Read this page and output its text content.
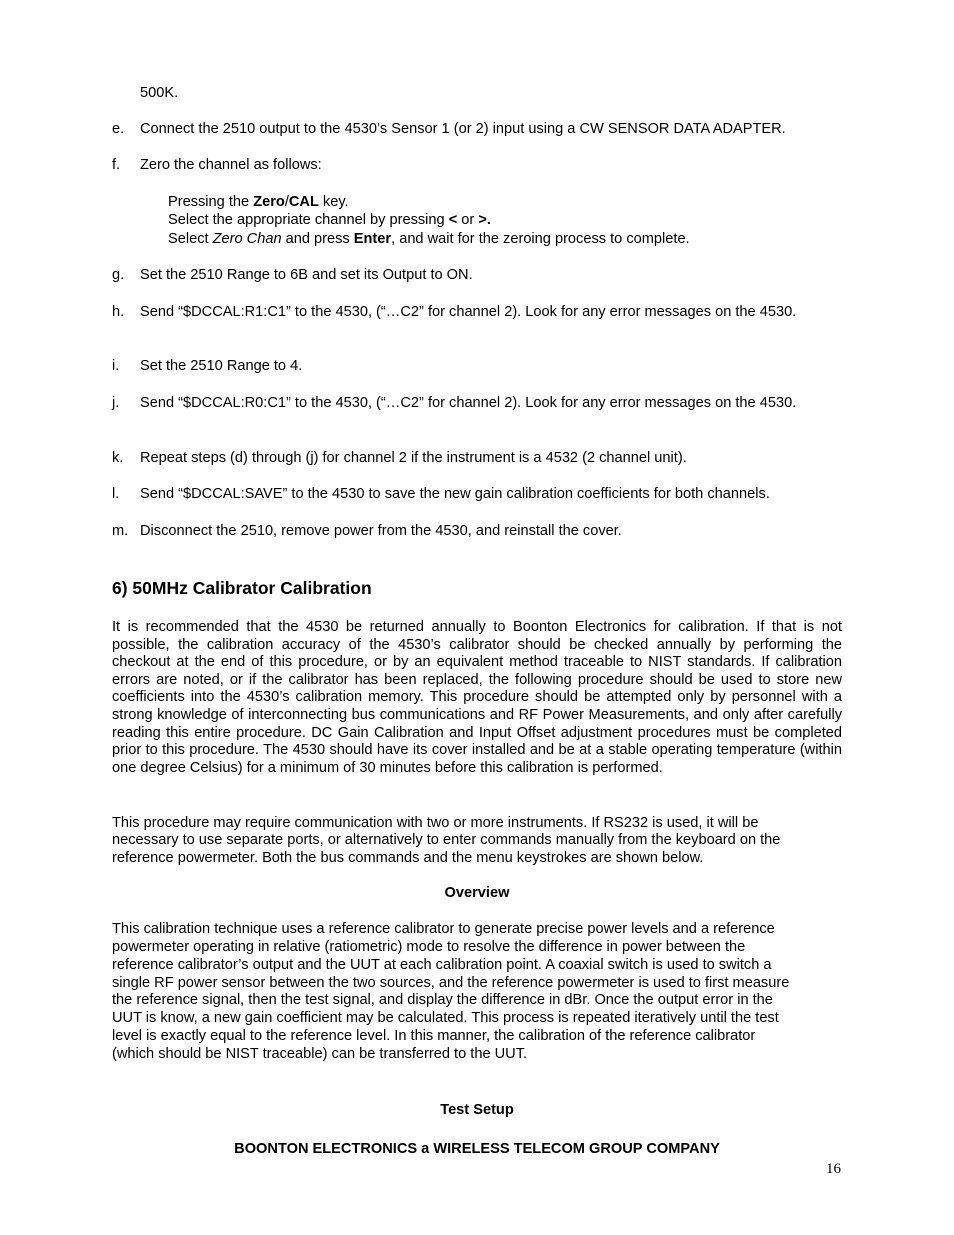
500K.
e. Connect the 2510 output to the 4530’s Sensor 1 (or 2) input using a CW SENSOR DATA ADAPTER.
f. Zero the channel as follows:
Pressing the Zero/CAL key.
Select the appropriate channel by pressing < or >.
Select Zero Chan and press Enter, and wait for the zeroing process to complete.
g. Set the 2510 Range to 6B and set its Output to ON.
h. Send “$DCCAL:R1:C1” to the 4530, (“…C2” for channel 2). Look for any error messages on the 4530.
i. Set the 2510 Range to 4.
j. Send “$DCCAL:R0:C1” to the 4530, (“…C2” for channel 2). Look for any error messages on the 4530.
k. Repeat steps (d) through (j) for channel 2 if the instrument is a 4532 (2 channel unit).
l. Send “$DCCAL:SAVE” to the 4530 to save the new gain calibration coefficients for both channels.
m. Disconnect the 2510, remove power from the 4530, and reinstall the cover.
6) 50MHz Calibrator Calibration
It is recommended that the 4530 be returned annually to Boonton Electronics for calibration. If that is not possible, the calibration accuracy of the 4530’s calibrator should be checked annually by performing the checkout at the end of this procedure, or by an equivalent method traceable to NIST standards. If calibration errors are noted, or if the calibrator has been replaced, the following procedure should be used to store new coefficients into the 4530’s calibration memory. This procedure should be attempted only by personnel with a strong knowledge of interconnecting bus communications and RF Power Measurements, and only after carefully reading this entire procedure. DC Gain Calibration and Input Offset adjustment procedures must be completed prior to this procedure. The 4530 should have its cover installed and be at a stable operating temperature (within one degree Celsius) for a minimum of 30 minutes before this calibration is performed.
This procedure may require communication with two or more instruments. If RS232 is used, it will be
necessary to use separate ports, or alternatively to enter commands manually from the keyboard on the
reference powermeter. Both the bus commands and the menu keystrokes are shown below.
Overview
This calibration technique uses a reference calibrator to generate precise power levels and a reference
powermeter operating in relative (ratiometric) mode to resolve the difference in power between the
reference calibrator’s output and the UUT at each calibration point. A coaxial switch is used to switch a
single RF power sensor between the two sources, and the reference powermeter is used to first measure
the reference signal, then the test signal, and display the difference in dBr. Once the output error in the
UUT is know, a new gain coefficient may be calculated. This process is repeated iteratively until the test
level is exactly equal to the reference level. In this manner, the calibration of the reference calibrator
(which should be NIST traceable) can be transferred to the UUT.
Test Setup
BOONTON ELECTRONICS a WIRELESS TELECOM GROUP COMPANY
16
